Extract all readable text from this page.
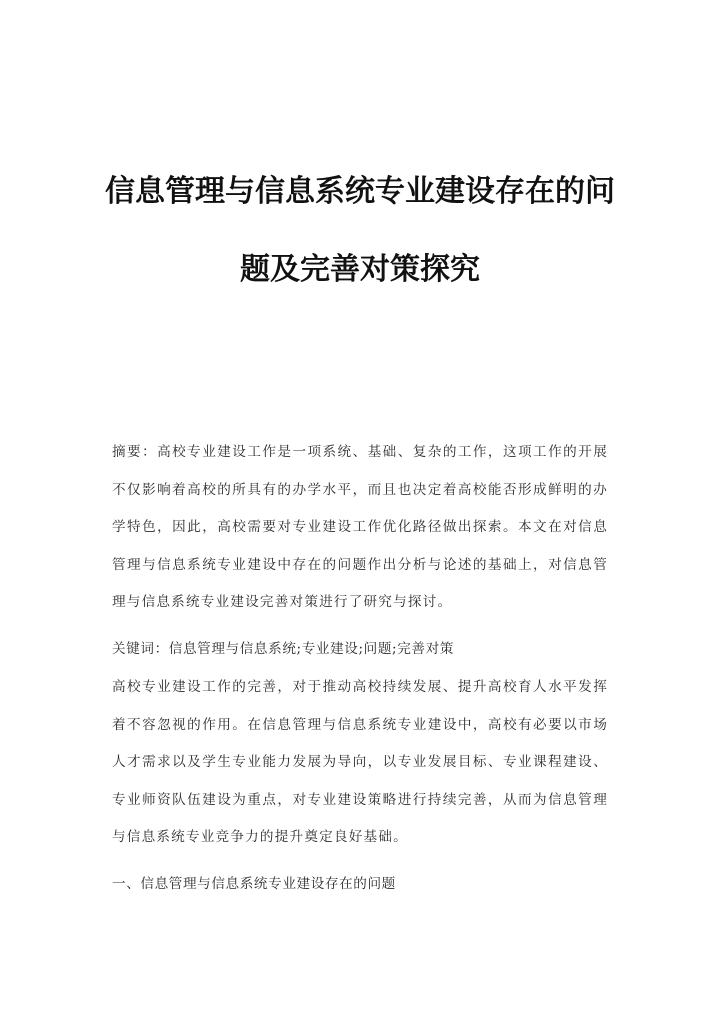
信息管理与信息系统专业建设存在的问
题及完善对策探究

摘要：高校专业建设工作是一项系统、基础、复杂的工作，这项工作的开展不仅影响着高校的所具有的办学水平，而且也决定着高校能否形成鲜明的办学特色，因此，高校需要对专业建设工作优化路径做出探索。本文在对信息管理与信息系统专业建设中存在的问题作出分析与论述的基础上，对信息管理与信息系统专业建设完善对策进行了研究与探讨。

关键词：信息管理与信息系统;专业建设;问题;完善对策

高校专业建设工作的完善，对于推动高校持续发展、提升高校育人水平发挥着不容忽视的作用。在信息管理与信息系统专业建设中，高校有必要以市场人才需求以及学生专业能力发展为导向，以专业发展目标、专业课程建设、专业师资队伍建设为重点，对专业建设策略进行持续完善，从而为信息管理与信息系统专业竞争力的提升奠定良好基础。

一、信息管理与信息系统专业建设存在的问题
